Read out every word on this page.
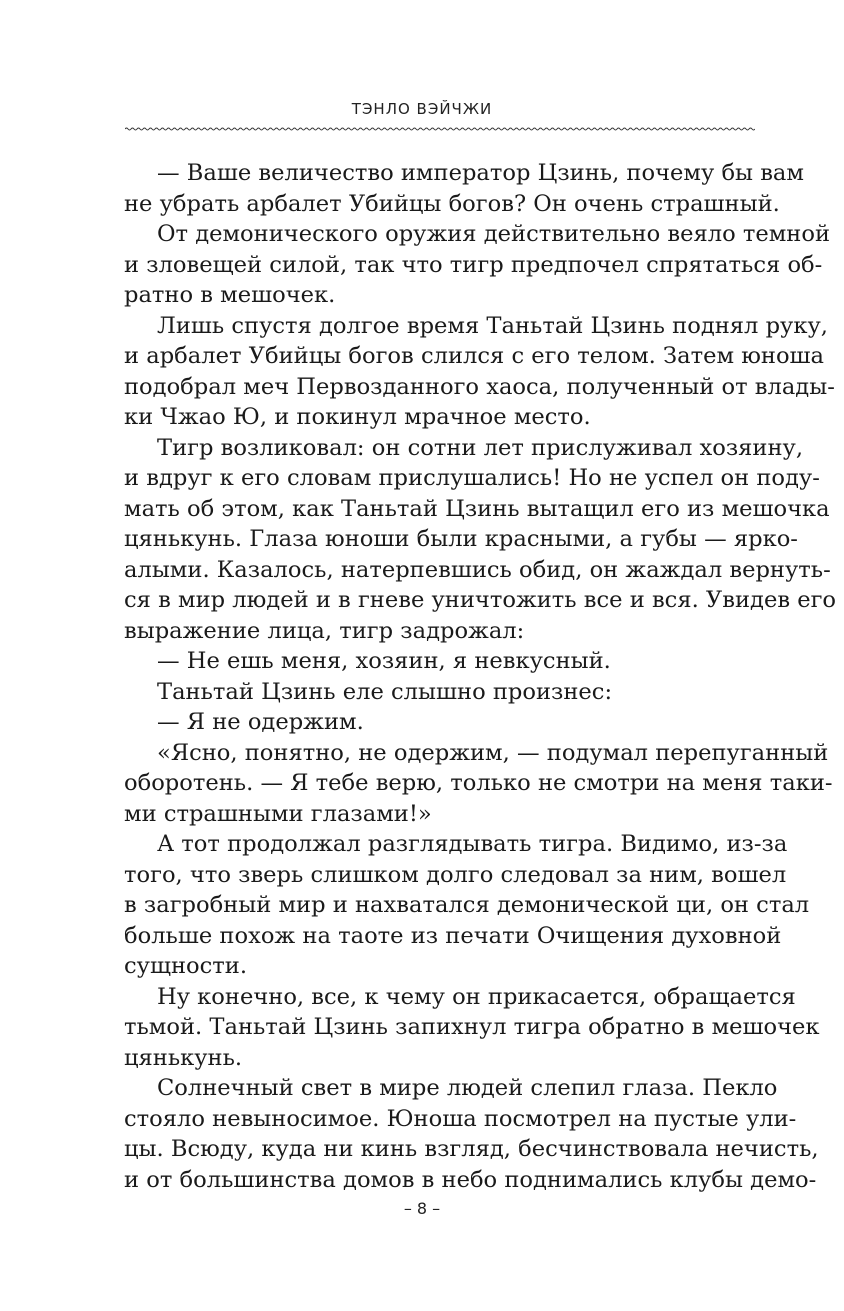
ТЭНЛО ВЭЙЧЖИ
— Ваше величество император Цзинь, почему бы вам
не убрать арбалет Убийцы богов? Он очень страшный.
От демонического оружия действительно веяло темной
и зловещей силой, так что тигр предпочел спрятаться об-
ратно в мешочек.
Лишь спустя долгое время Таньтай Цзинь поднял руку,
и арбалет Убийцы богов слился с его телом. Затем юноша
подобрал меч Первозданного хаоса, полученный от влады-
ки Чжао Ю, и покинул мрачное место.
Тигр возликовал: он сотни лет прислуживал хозяину,
и вдруг к его словам прислушались! Но не успел он поду-
мать об этом, как Таньтай Цзинь вытащил его из мешочка
цянькунь. Глаза юноши были красными, а губы — ярко-
алыми. Казалось, натерпевшись обид, он жаждал вернуть-
ся в мир людей и в гневе уничтожить все и вся. Увидев его
выражение лица, тигр задрожал:
— Не ешь меня, хозяин, я невкусный.
Таньтай Цзинь еле слышно произнес:
— Я не одержим.
«Ясно, понятно, не одержим, — подумал перепуганный
оборотень. — Я тебе верю, только не смотри на меня таки-
ми страшными глазами!»
А тот продолжал разглядывать тигра. Видимо, из-за
того, что зверь слишком долго следовал за ним, вошел
в загробный мир и нахватался демонической ци, он стал
больше похож на таоте из печати Очищения духовной
сущности.
Ну конечно, все, к чему он прикасается, обращается
тьмой. Таньтай Цзинь запихнул тигра обратно в мешочек
цянькунь.
Солнечный свет в мире людей слепил глаза. Пекло
стояло невыносимое. Юноша посмотрел на пустые ули-
цы. Всюду, куда ни кинь взгляд, бесчинствовала нечисть,
и от большинства домов в небо поднимались клубы демо-
– 8 –
